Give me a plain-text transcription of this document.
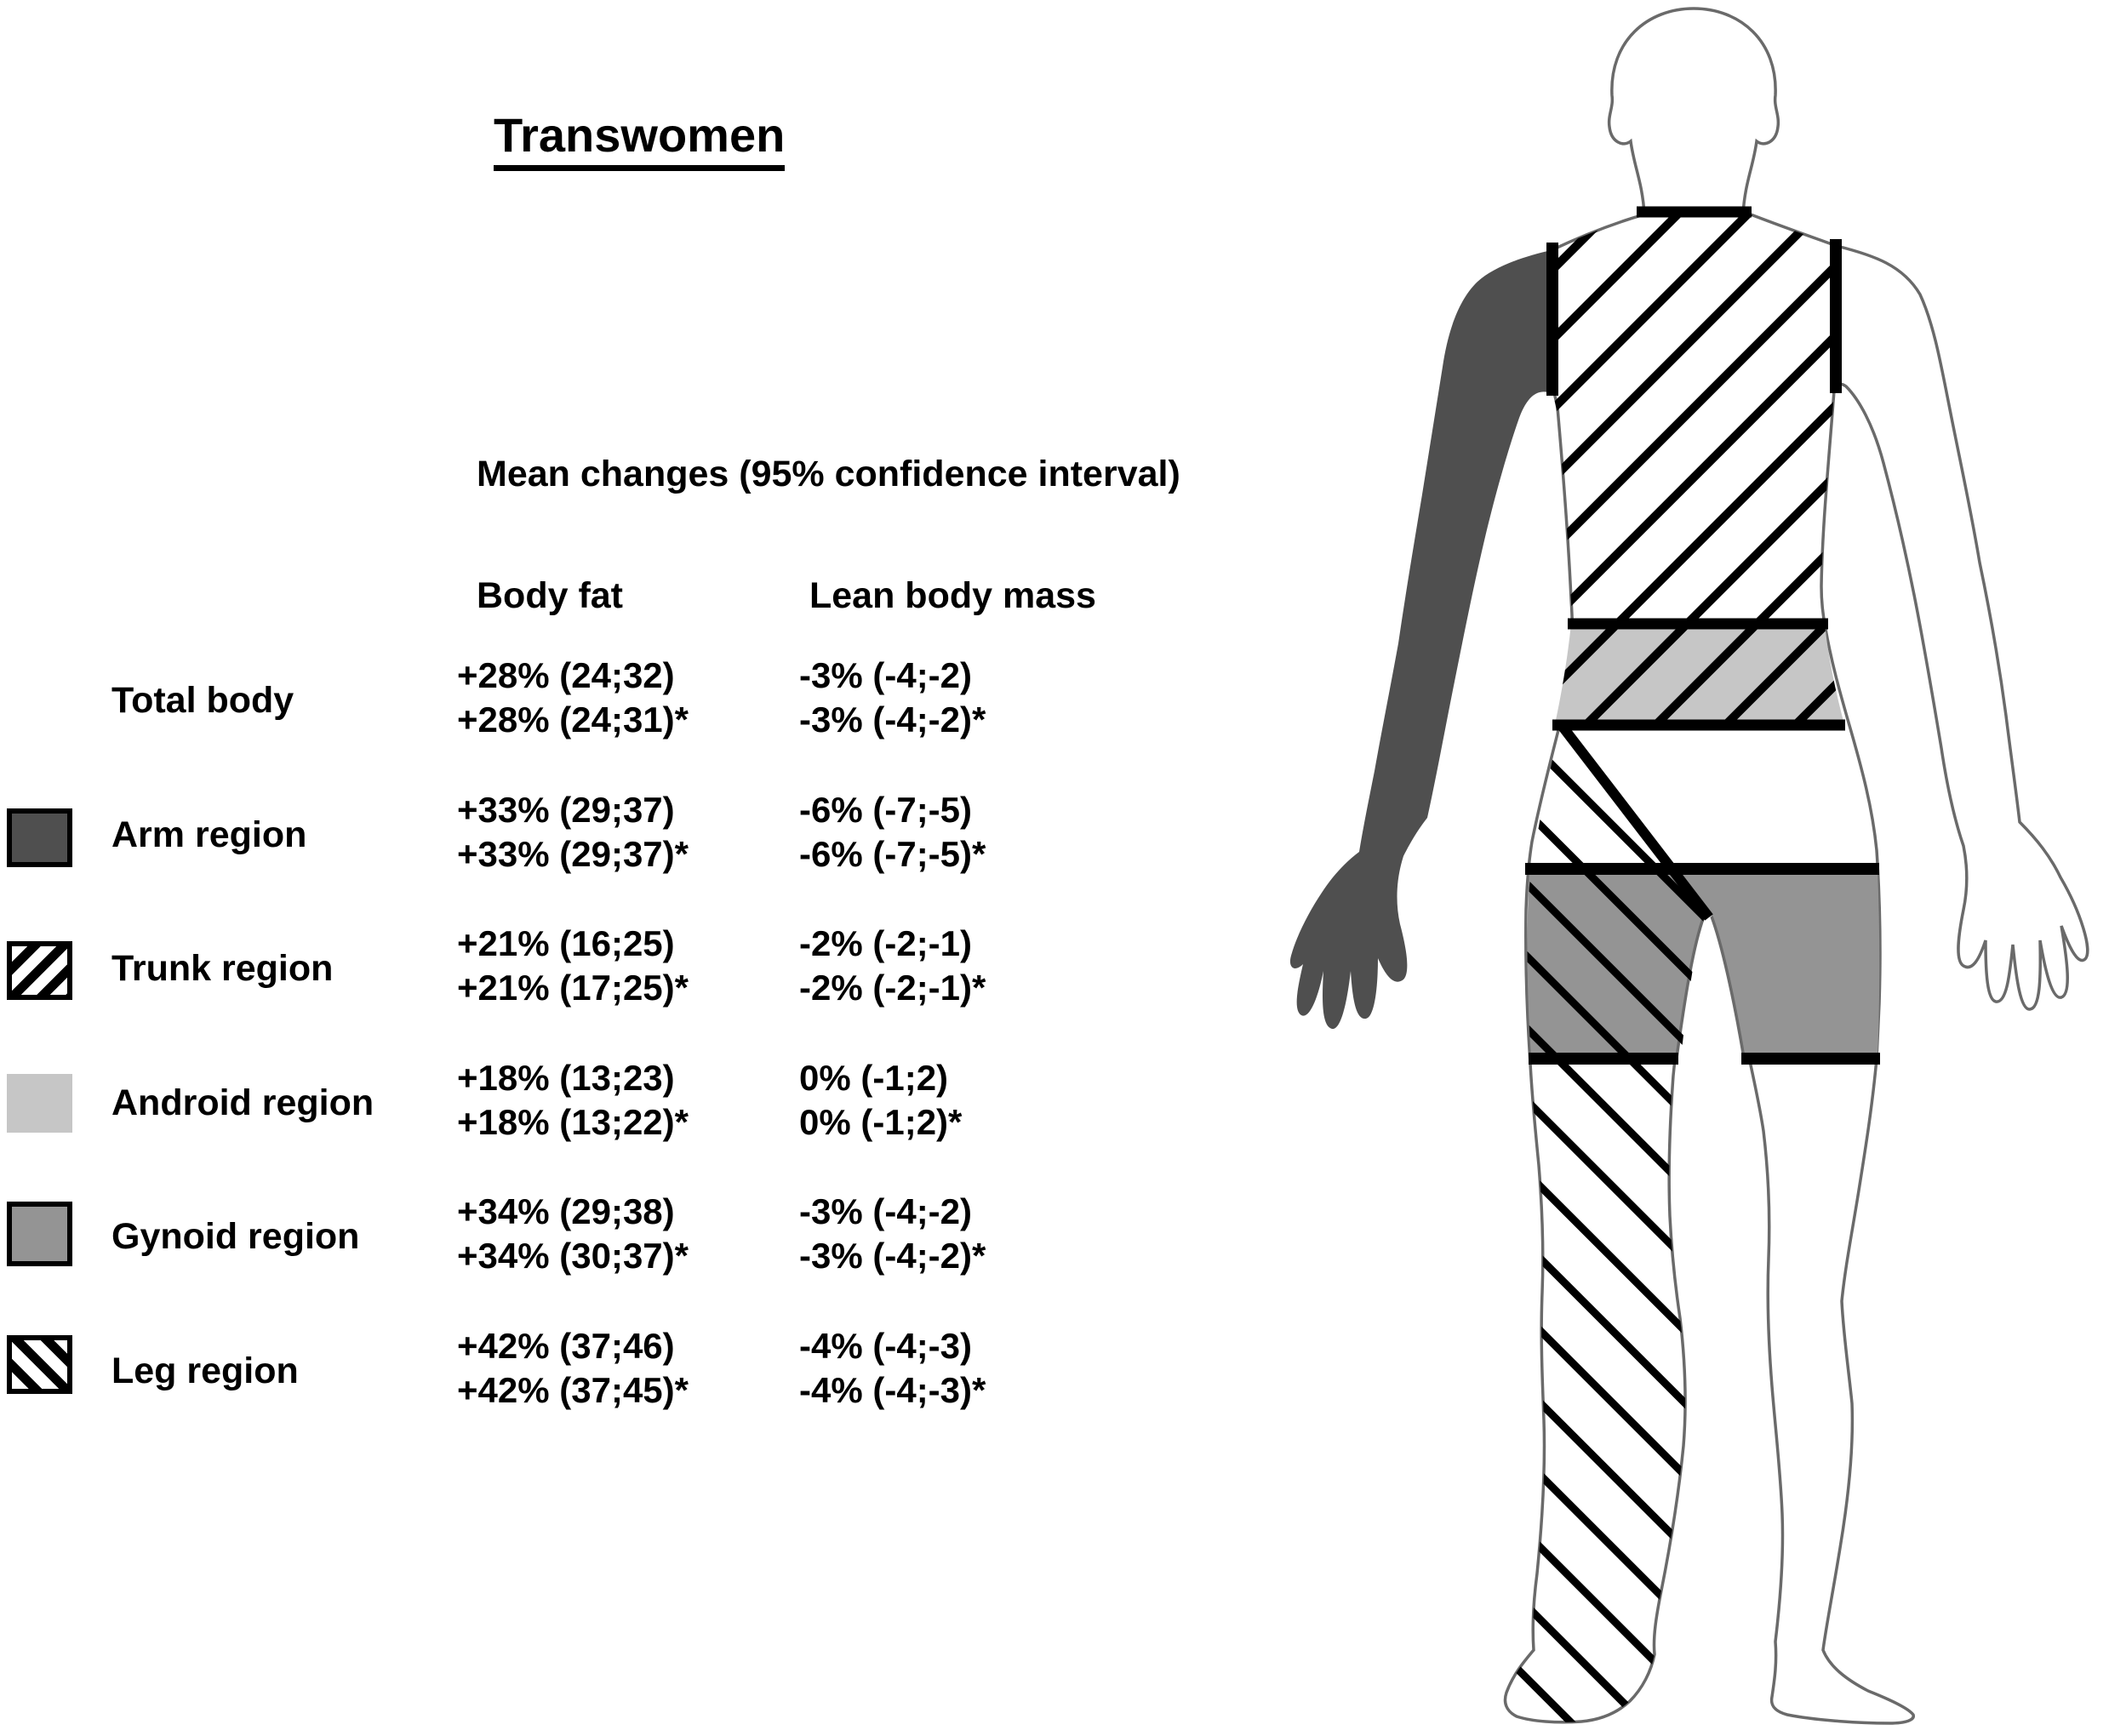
Transwomen
Mean changes (95% confidence interval)
Body fat	Lean body mass
Total body
+28% (24;32)
+28% (24;31)*
-3% (-4;-2)
-3% (-4;-2)*
Arm region
+33% (29;37)
+33% (29;37)*
-6% (-7;-5)
-6% (-7;-5)*
Trunk region
+21% (16;25)
+21% (17;25)*
-2% (-2;-1)
-2% (-2;-1)*
Android region
+18% (13;23)
+18% (13;22)*
0% (-1;2)
0% (-1;2)*
Gynoid region
+34% (29;38)
+34% (30;37)*
-3% (-4;-2)
-3% (-4;-2)*
Leg region
+42% (37;46)
+42% (37;45)*
-4% (-4;-3)
-4% (-4;-3)*
